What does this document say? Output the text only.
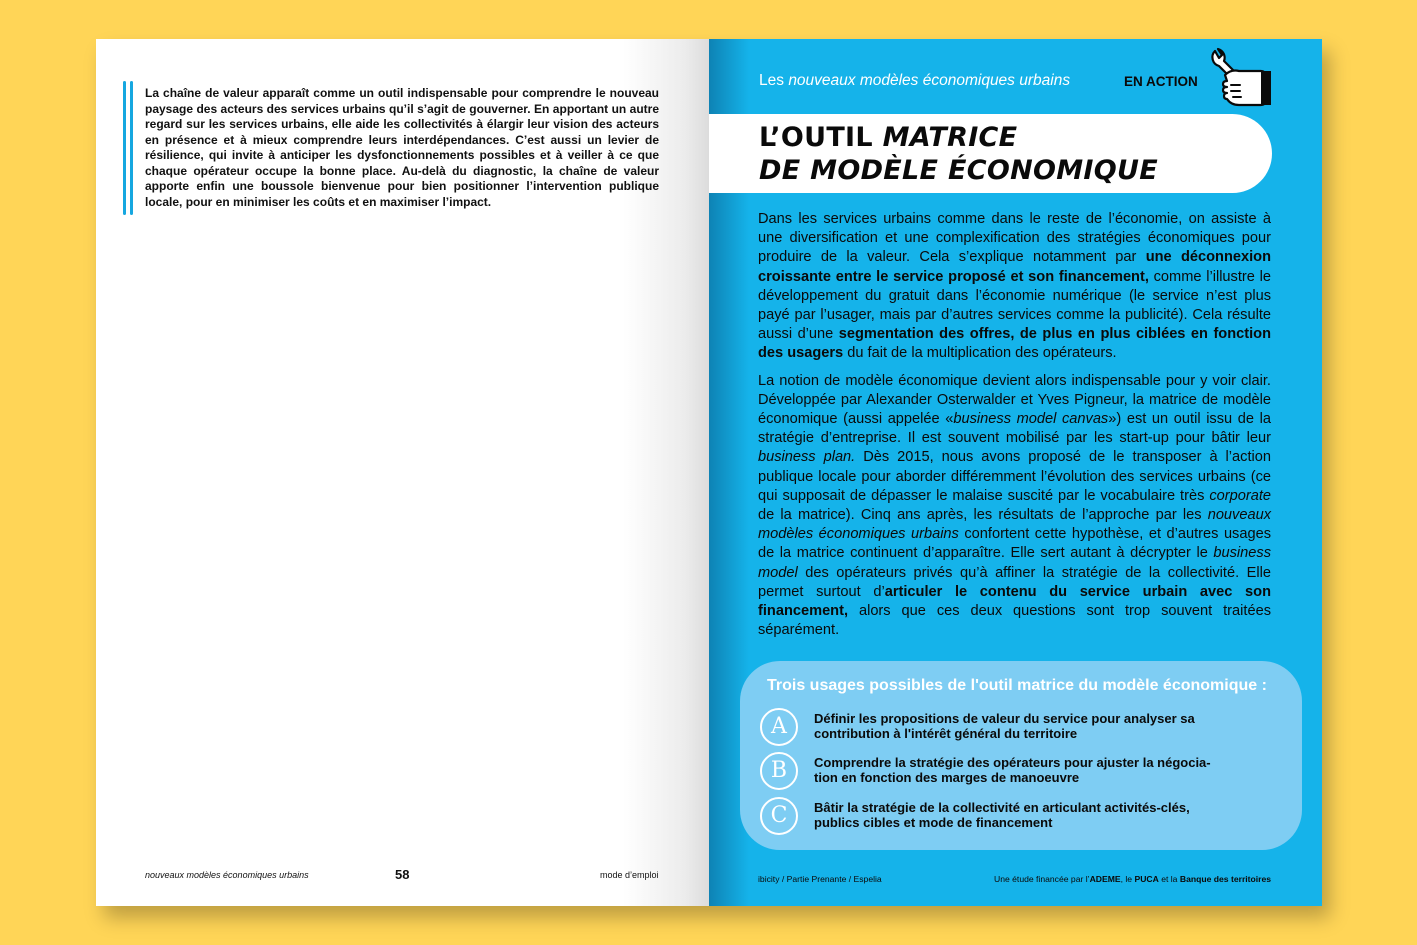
La chaîne de valeur apparaît comme un outil indispensable pour comprendre le nouveau paysage des acteurs des services urbains qu’il s’agit de gouverner. En apportant un autre regard sur les services urbains, elle aide les collectivités à élargir leur vision des acteurs en présence et à mieux comprendre leurs interdépendances. C’est aussi un levier de résilience, qui invite à anticiper les dysfonctionnements possibles et à veiller à ce que chaque opérateur occupe la bonne place. Au-delà du diagnostic, la chaîne de valeur apporte enfin une boussole bienvenue pour bien positionner l’intervention publique locale, pour en minimiser les coûts et en maximiser l’impact.

nouveaux modèles économiques urbains	58	mode d’emploi
Les nouveaux modèles économiques urbains	EN ACTION
L’OUTIL MATRICE
DE MODÈLE ÉCONOMIQUE

Dans les services urbains comme dans le reste de l’économie, on assiste à une diversification et une complexification des stratégies économiques pour produire de la valeur. Cela s’explique notamment par une déconnexion croissante entre le service proposé et son financement, comme l’illustre le développement du gratuit dans l’économie numérique (le service n’est plus payé par l’usager, mais par d’autres services comme la publicité). Cela résulte aussi d’une segmentation des offres, de plus en plus ciblées en fonction des usagers du fait de la multiplication des opérateurs.

La notion de modèle économique devient alors indispensable pour y voir clair. Développée par Alexander Osterwalder et Yves Pigneur, la matrice de modèle économique (aussi appelée «business model canvas») est un outil issu de la stratégie d’entreprise. Il est souvent mobilisé par les start-up pour bâtir leur business plan. Dès 2015, nous avons proposé de le transposer à l’action publique locale pour aborder différemment l’évolution des services urbains (ce qui supposait de dépasser le malaise suscité par le vocabulaire très corporate de la matrice). Cinq ans après, les résultats de l’approche par les nouveaux modèles économiques urbains confortent cette hypothèse, et d’autres usages de la matrice continuent d’apparaître. Elle sert autant à décrypter le business model des opérateurs privés qu’à affiner la stratégie de la collectivité. Elle permet surtout d’articuler le contenu du service urbain avec son financement, alors que ces deux questions sont trop souvent traitées séparément.

Trois usages possibles de l'outil matrice du modèle économique :

A	Définir les propositions de valeur du service pour analyser sa
contribution à l'intérêt général du territoire
B	Comprendre la stratégie des opérateurs pour ajuster la négocia-
tion en fonction des marges de manoeuvre
C	Bâtir la stratégie de la collectivité en articulant activités-clés,
publics cibles et mode de financement
ibicity / Partie Prenante / Espelia	Une étude financée par l’ADEME, le PUCA et la Banque des territoires
